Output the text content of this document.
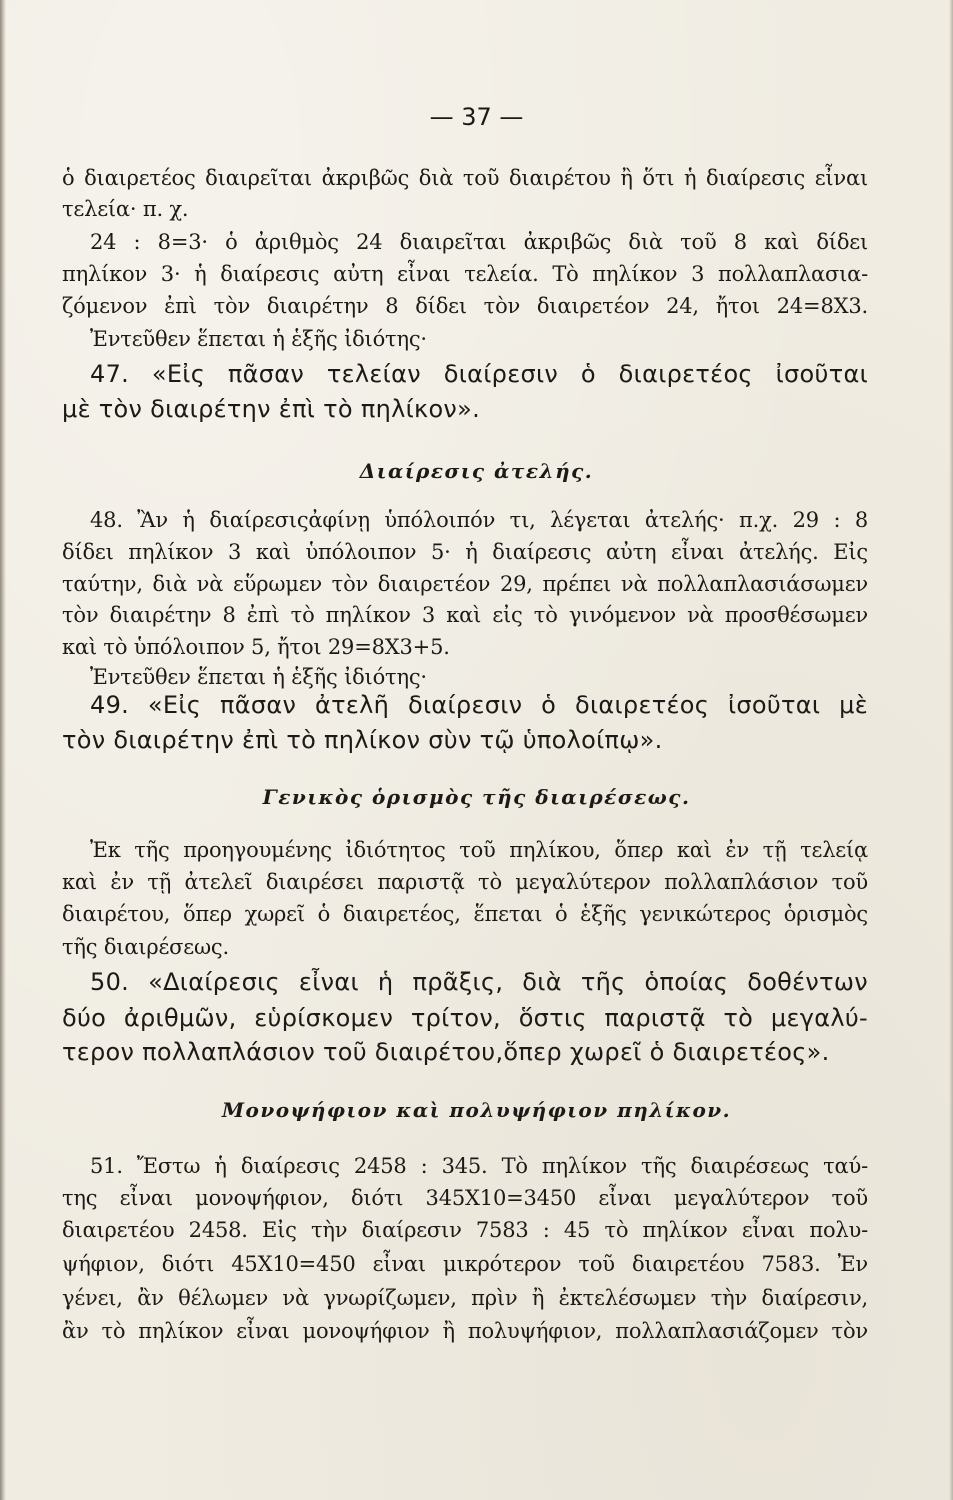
— 37 —
ὁ διαιρετέος διαιρεῖται ἀκριβῶς διὰ τοῦ διαιρέτου ἢ ὅτι ἡ διαίρεσις εἶναι
τελεία· π. χ.
24 : 8=3· ὁ ἀριθμὸς 24 διαιρεῖται ἀκριβῶς διὰ τοῦ 8 καὶ δίδει
πηλίκον 3· ἡ διαίρεσις αὐτη εἶναι τελεία. Τὸ πηλίκον 3 πολλαπλασια-
ζόμενον ἐπὶ τὸν διαιρέτην 8 δίδει τὸν διαιρετέον 24, ἤτοι 24=8X3.
Ἐντεῦθεν ἕπεται ἡ ἑξῆς ἰδιότης·
47. «Εἰς πᾶσαν τελείαν διαίρεσιν ὁ διαιρετέος ἰσοῦται
μὲ τὸν διαιρέτην ἐπὶ τὸ πηλίκον».
Διαίρεσις ἀτελής.
48. Ἂν ἡ διαίρεσιςἀφίνῃ ὑπόλοιπόν τι, λέγεται ἀτελής· π.χ. 29 : 8
δίδει πηλίκον 3 καὶ ὑπόλοιπον 5· ἡ διαίρεσις αὐτη εἶναι ἀτελής. Εἰς
ταύτην, διὰ νὰ εὕρωμεν τὸν διαιρετέον 29, πρέπει νὰ πολλαπλασιάσωμεν
τὸν διαιρέτην 8 ἐπὶ τὸ πηλίκον 3 καὶ εἰς τὸ γινόμενον νὰ προσθέσωμεν
καὶ τὸ ὑπόλοιπον 5, ἤτοι 29=8X3+5.
Ἐντεῦθεν ἕπεται ἡ ἑξῆς ἰδιότης·
49. «Εἰς πᾶσαν ἀτελῆ διαίρεσιν ὁ διαιρετέος ἰσοῦται μὲ
τὸν διαιρέτην ἐπὶ τὸ πηλίκον σὺν τῷ ὑπολοίπῳ».
Γενικὸς ὁρισμὸς τῆς διαιρέσεως.
Ἐκ τῆς προηγουμένης ἰδιότητος τοῦ πηλίκου, ὅπερ καὶ ἐν τῇ τελείᾳ
καὶ ἐν τῇ ἀτελεῖ διαιρέσει παριστᾷ τὸ μεγαλύτερον πολλαπλάσιον τοῦ
διαιρέτου, ὅπερ χωρεῖ ὁ διαιρετέος, ἕπεται ὁ ἑξῆς γενικώτερος ὁρισμὸς
τῆς διαιρέσεως.
50. «Διαίρεσις εἶναι ἡ πρᾶξις, διὰ τῆς ὁποίας δοθέντων
δύο ἀριθμῶν, εὑρίσκομεν τρίτον, ὅστις παριστᾷ τὸ μεγαλύ-
τερον πολλαπλάσιον τοῦ διαιρέτου,ὅπερ χωρεῖ ὁ διαιρετέος».
Μονοψήφιον καὶ πολυψήφιον πηλίκον.
51. Ἔστω ἡ διαίρεσις 2458 : 345. Τὸ πηλίκον τῆς διαιρέσεως ταύ-
της εἶναι μονοψήφιον, διότι 345X10=3450 εἶναι μεγαλύτερον τοῦ
διαιρετέου 2458. Εἰς τὴν διαίρεσιν 7583 : 45 τὸ πηλίκον εἶναι πολυ-
ψήφιον, διότι 45X10=450 εἶναι μικρότερον τοῦ διαιρετέου 7583. Ἐν
γένει, ἂν θέλωμεν νὰ γνωρίζωμεν, πρὶν ἢ ἐκτελέσωμεν τὴν διαίρεσιν,
ἂν τὸ πηλίκον εἶναι μονοψήφιον ἢ πολυψήφιον, πολλαπλασιάζομεν τὸν
